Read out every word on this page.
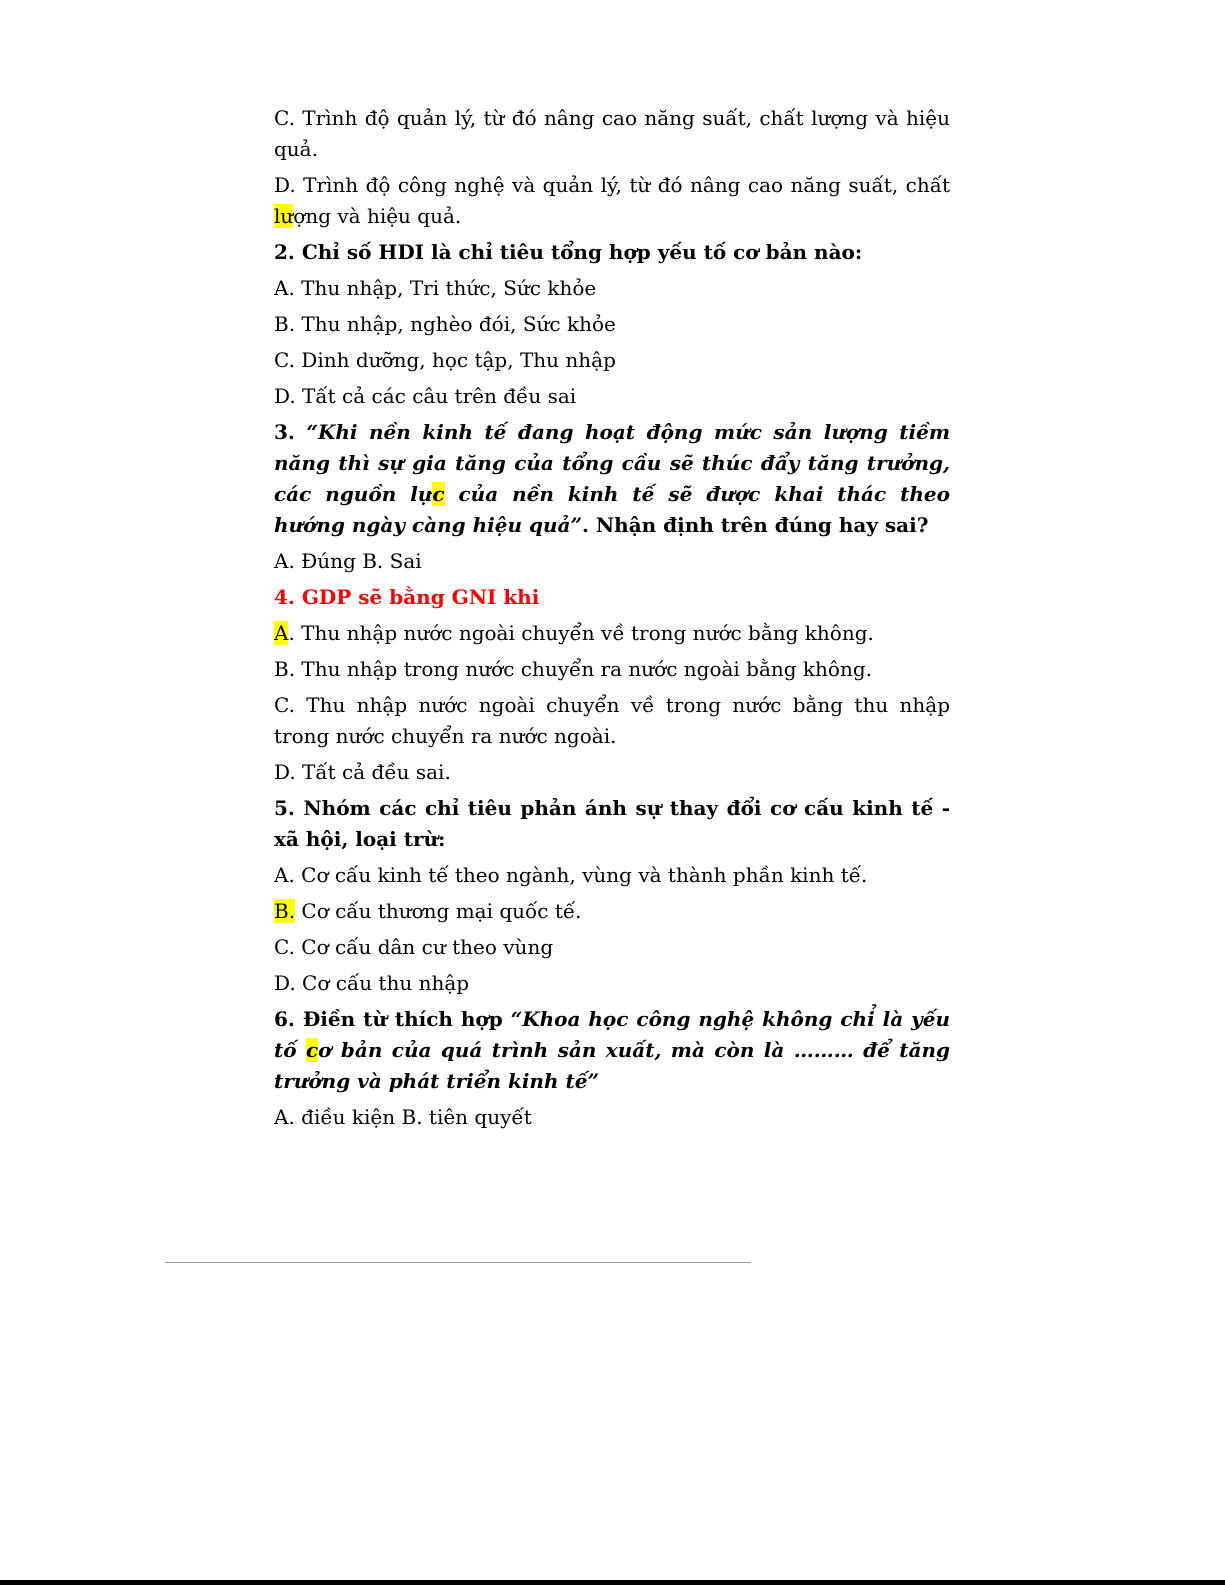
C. Trình độ quản lý, từ đó nâng cao năng suất, chất lượng và hiệu quả.

D. Trình độ công nghệ và quản lý, từ đó nâng cao năng suất, chất lượng và hiệu quả.

2. Chỉ số HDI là chỉ tiêu tổng hợp yếu tố cơ bản nào:

A. Thu nhập, Tri thức, Sức khỏe

B. Thu nhập, nghèo đói, Sức khỏe

C. Dinh dưỡng, học tập, Thu nhập

D. Tất cả các câu trên đều sai

3. “Khi nền kinh tế đang hoạt động mức sản lượng tiềm năng thì sự gia tăng của tổng cầu sẽ thúc đẩy tăng trưởng, các nguồn lực của nền kinh tế sẽ được khai thác theo hướng ngày càng hiệu quả”. Nhận định trên đúng hay sai?

A. Đúng B. Sai

4. GDP sẽ bằng GNI khi

A. Thu nhập nước ngoài chuyển về trong nước bằng không.

B. Thu nhập trong nước chuyển ra nước ngoài bằng không.

C. Thu nhập nước ngoài chuyển về trong nước bằng thu nhập trong nước chuyển ra nước ngoài.

D. Tất cả đều sai.

5. Nhóm các chỉ tiêu phản ánh sự thay đổi cơ cấu kinh tế - xã hội, loại trừ:

A. Cơ cấu kinh tế theo ngành, vùng và thành phần kinh tế.

B. Cơ cấu thương mại quốc tế.

C. Cơ cấu dân cư theo vùng

D. Cơ cấu thu nhập

6. Điền từ thích hợp “Khoa học công nghệ không chỉ là yếu tố cơ bản của quá trình sản xuất, mà còn là ……… để tăng trưởng và phát triển kinh tế”

A. điều kiện B. tiên quyết
